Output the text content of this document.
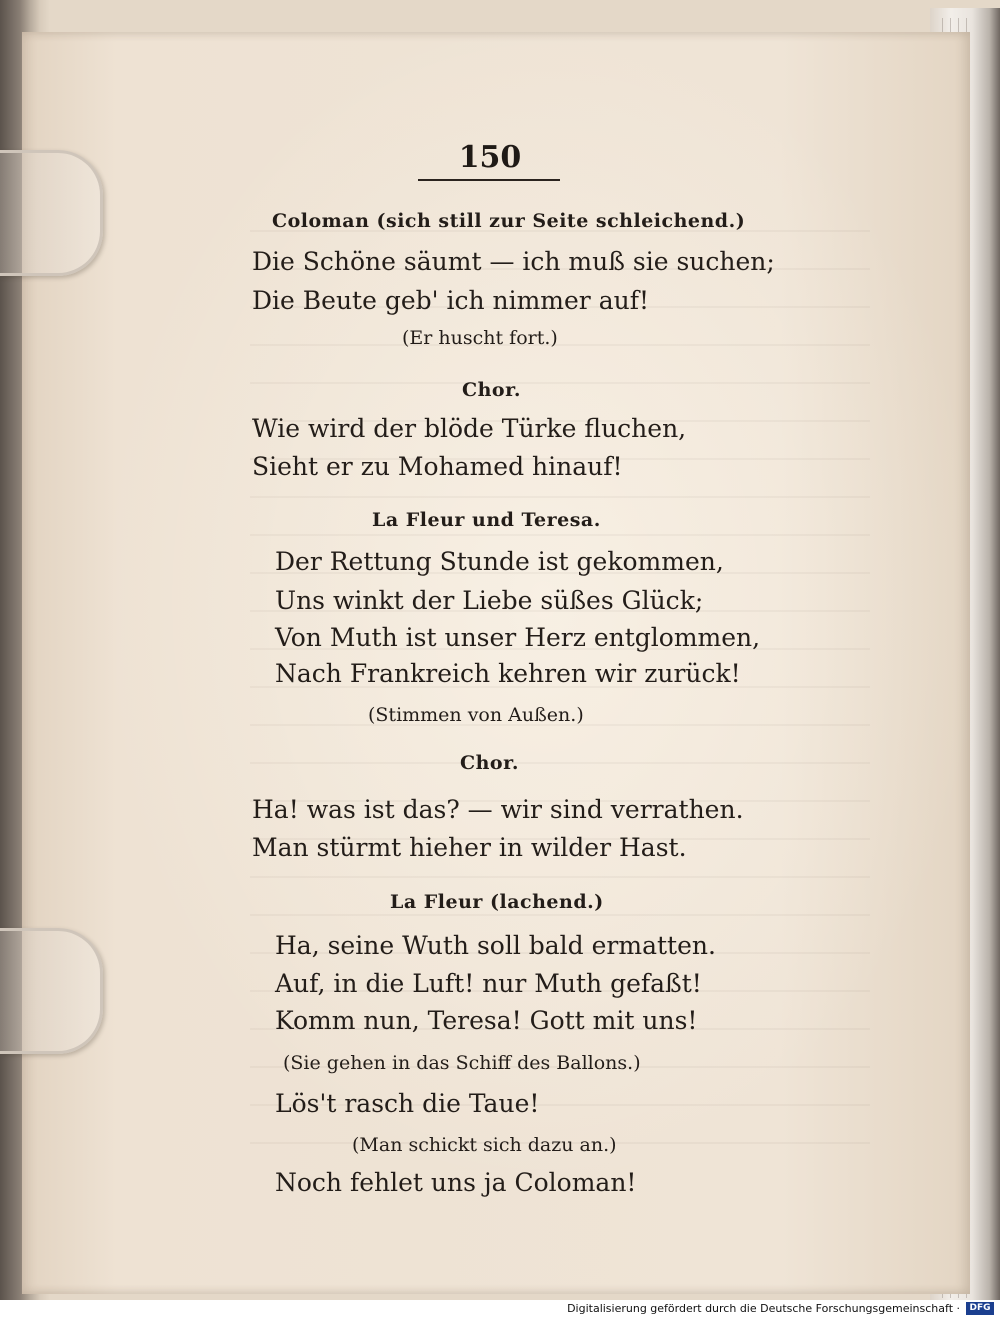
150
Coloman (sich still zur Seite schleichend.)
Die Schöne säumt — ich muß sie suchen;
Die Beute geb' ich nimmer auf!
(Er huscht fort.)
Chor.
Wie wird der blöde Türke fluchen,
Sieht er zu Mohamed hinauf!
La Fleur und Teresa.
Der Rettung Stunde ist gekommen,
Uns winkt der Liebe süßes Glück;
Von Muth ist unser Herz entglommen,
Nach Frankreich kehren wir zurück!
(Stimmen von Außen.)
Chor.
Ha! was ist das? — wir sind verrathen.
Man stürmt hieher in wilder Hast.
La Fleur (lachend.)
Ha, seine Wuth soll bald ermatten.
Auf, in die Luft! nur Muth gefaßt!
Komm nun, Teresa! Gott mit uns!
(Sie gehen in das Schiff des Ballons.)
Lös't rasch die Taue!
(Man schickt sich dazu an.)
Noch fehlet uns ja Coloman!
Digitalisierung gefördert durch die Deutsche Forschungsgemeinschaft ·	DFG
